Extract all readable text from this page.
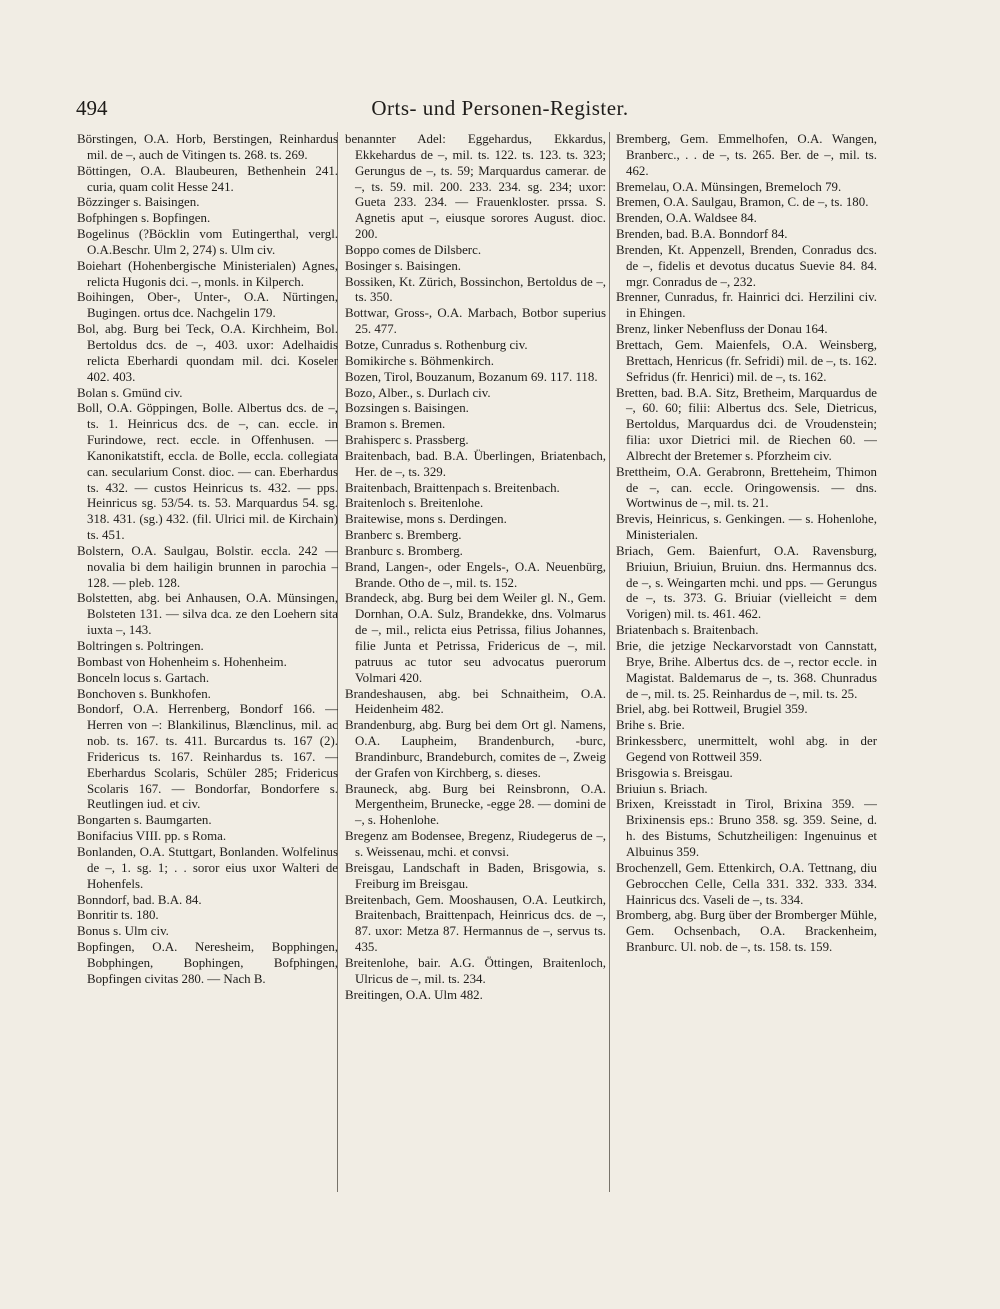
494	Orts- und Personen-Register.
Börstingen, O.A. Horb, Berstingen, Reinhardus mil. de –, auch de Vitingen ts. 268. ts. 269.
Böttingen, O.A. Blaubeuren, Bethenhein 241. curia, quam colit Hesse 241.
Bözzinger s. Baisingen.
Bofphingen s. Bopfingen.
Bogelinus (?Böcklin vom Eutingerthal, vergl. O.A.Beschr. Ulm 2, 274) s. Ulm civ.
Boiehart (Hohenbergische Ministerialen) Agnes, relicta Hugonis dci. –, monls. in Kilperch.
Boihingen, Ober-, Unter-, O.A. Nürtingen, Bugingen. ortus dce. Nachgelin 179.
Bol, abg. Burg bei Teck, O.A. Kirchheim, Bol. Bertoldus dcs. de –, 403. uxor: Adelhaidis relicta Eberhardi quondam mil. dci. Koseler 402. 403.
Bolan s. Gmünd civ.
Boll, O.A. Göppingen, Bolle. Albertus dcs. de –, ts. 1. Heinricus dcs. de –, can. eccle. in Furindowe, rect. eccle. in Offenhusen. — Kanonikatstift, eccla. de Bolle, eccla. collegiata can. secularium Const. dioc. — can. Eberhardus ts. 432. — custos Heinricus ts. 432. — pps. Heinricus sg. 53/54. ts. 53. Marquardus 54. sg. 318. 431. (sg.) 432. (fil. Ulrici mil. de Kirchain) ts. 451.
Bolstern, O.A. Saulgau, Bolstir. eccla. 242 — novalia bi dem hailigin brunnen in parochia – 128. — pleb. 128.
Bolstetten, abg. bei Anhausen, O.A. Münsingen, Bolsteten 131. — silva dca. ze den Loehern sita iuxta –, 143.
Boltringen s. Poltringen.
Bombast von Hohenheim s. Hohenheim.
Bonceln locus s. Gartach.
Bonchoven s. Bunkhofen.
Bondorf, O.A. Herrenberg, Bondorf 166. — Herren von –: Blankilinus, Blænclinus, mil. ac nob. ts. 167. ts. 411. Burcardus ts. 167 (2). Fridericus ts. 167. Reinhardus ts. 167. — Eberhardus Scolaris, Schüler 285; Fridericus Scolaris 167. — Bondorfar, Bondorfere s. Reutlingen iud. et civ.
Bongarten s. Baumgarten.
Bonifacius VIII. pp. s Roma.
Bonlanden, O.A. Stuttgart, Bonlanden. Wolfelinus de –, 1. sg. 1; . . soror eius uxor Walteri de Hohenfels.
Bonndorf, bad. B.A. 84.
Bonritir ts. 180.
Bonus s. Ulm civ.
Bopfingen, O.A. Neresheim, Bopphingen, Bobphingen, Bophingen, Bofphingen, Bopfingen civitas 280. — Nach B.
benannter Adel: Eggehardus, Ekkardus, Ekkehardus de –, mil. ts. 122. ts. 123. ts. 323; Gerungus de –, ts. 59; Marquardus camerar. de –, ts. 59. mil. 200. 233. 234. sg. 234; uxor: Gueta 233. 234. — Frauenkloster. prssa. S. Agnetis aput –, eiusque sorores August. dioc. 200.
Boppo comes de Dilsberc.
Bosinger s. Baisingen.
Bossiken, Kt. Zürich, Bossinchon, Bertoldus de –, ts. 350.
Bottwar, Gross-, O.A. Marbach, Botbor superius 25. 477.
Botze, Cunradus s. Rothenburg civ.
Bomikirche s. Böhmenkirch.
Bozen, Tirol, Bouzanum, Bozanum 69. 117. 118.
Bozo, Alber., s. Durlach civ.
Bozsingen s. Baisingen.
Bramon s. Bremen.
Brahisperc s. Prassberg.
Braitenbach, bad. B.A. Überlingen, Briatenbach, Her. de –, ts. 329.
Braitenbach, Braittenpach s. Breitenbach.
Braitenloch s. Breitenlohe.
Braitewise, mons s. Derdingen.
Branberc s. Bremberg.
Branburc s. Bromberg.
Brand, Langen-, oder Engels-, O.A. Neuenbürg, Brande. Otho de –, mil. ts. 152.
Brandeck, abg. Burg bei dem Weiler gl. N., Gem. Dornhan, O.A. Sulz, Brandekke, dns. Volmarus de –, mil., relicta eius Petrissa, filius Johannes, filie Junta et Petrissa, Fridericus de –, mil. patruus ac tutor seu advocatus puerorum Volmari 420.
Brandeshausen, abg. bei Schnaitheim, O.A. Heidenheim 482.
Brandenburg, abg. Burg bei dem Ort gl. Namens, O.A. Laupheim, Brandenburch, -burc, Brandinburc, Brandeburch, comites de –, Zweig der Grafen von Kirchberg, s. dieses.
Brauneck, abg. Burg bei Reinsbronn, O.A. Mergentheim, Brunecke, -egge 28. — domini de –, s. Hohenlohe.
Bregenz am Bodensee, Bregenz, Riudegerus de –, s. Weissenau, mchi. et convsi.
Breisgau, Landschaft in Baden, Brisgowia, s. Freiburg im Breisgau.
Breitenbach, Gem. Mooshausen, O.A. Leutkirch, Braitenbach, Braittenpach, Heinricus dcs. de –, 87. uxor: Metza 87. Hermannus de –, servus ts. 435.
Breitenlohe, bair. A.G. Öttingen, Braitenloch, Ulricus de –, mil. ts. 234.
Breitingen, O.A. Ulm 482.
Bremberg, Gem. Emmelhofen, O.A. Wangen, Branberc., . . de –, ts. 265. Ber. de –, mil. ts. 462.
Bremelau, O.A. Münsingen, Bremeloch 79.
Bremen, O.A. Saulgau, Bramon, C. de –, ts. 180.
Brenden, O.A. Waldsee 84.
Brenden, bad. B.A. Bonndorf 84.
Brenden, Kt. Appenzell, Brenden, Conradus dcs. de –, fidelis et devotus ducatus Suevie 84. 84. mgr. Conradus de –, 232.
Brenner, Cunradus, fr. Hainrici dci. Herzilini civ. in Ehingen.
Brenz, linker Nebenfluss der Donau 164.
Brettach, Gem. Maienfels, O.A. Weinsberg, Brettach, Henricus (fr. Sefridi) mil. de –, ts. 162. Sefridus (fr. Henrici) mil. de –, ts. 162.
Bretten, bad. B.A. Sitz, Bretheim, Marquardus de –, 60. 60; filii: Albertus dcs. Sele, Dietricus, Bertoldus, Marquardus dci. de Vroudenstein; filia: uxor Dietrici mil. de Riechen 60. — Albrecht der Bretemer s. Pforzheim civ.
Brettheim, O.A. Gerabronn, Bretteheim, Thimon de –, can. eccle. Oringowensis. — dns. Wortwinus de –, mil. ts. 21.
Brevis, Heinricus, s. Genkingen. — s. Hohenlohe, Ministerialen.
Briach, Gem. Baienfurt, O.A. Ravensburg, Briuiun, Briuiun, Bruiun. dns. Hermannus dcs. de –, s. Weingarten mchi. und pps. — Gerungus de –, ts. 373. G. Briuiar (vielleicht = dem Vorigen) mil. ts. 461. 462.
Briatenbach s. Braitenbach.
Brie, die jetzige Neckarvorstadt von Cannstatt, Brye, Brihe. Albertus dcs. de –, rector eccle. in Magistat. Baldemarus de –, ts. 368. Chunradus de –, mil. ts. 25. Reinhardus de –, mil. ts. 25.
Briel, abg. bei Rottweil, Brugiel 359.
Brihe s. Brie.
Brinkessberc, unermittelt, wohl abg. in der Gegend von Rottweil 359.
Brisgowia s. Breisgau.
Briuiun s. Briach.
Brixen, Kreisstadt in Tirol, Brixina 359. — Brixinensis eps.: Bruno 358. sg. 359. Seine, d. h. des Bistums, Schutzheiligen: Ingenuinus et Albuinus 359.
Brochenzell, Gem. Ettenkirch, O.A. Tettnang, diu Gebrocchen Celle, Cella 331. 332. 333. 334. Hainricus dcs. Vaseli de –, ts. 334.
Bromberg, abg. Burg über der Bromberger Mühle, Gem. Ochsenbach, O.A. Brackenheim, Branburc. Ul. nob. de –, ts. 158. ts. 159.
